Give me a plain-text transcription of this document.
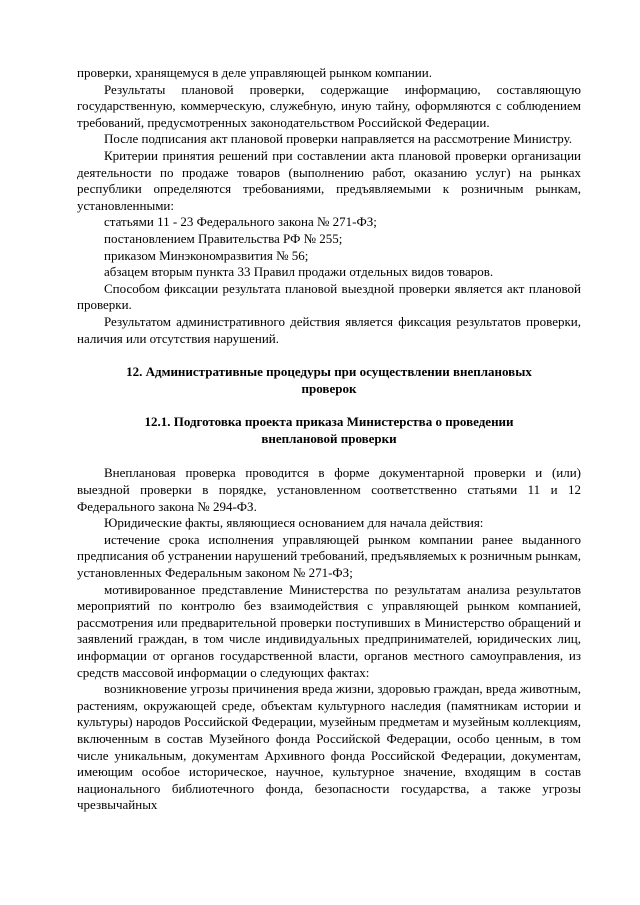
проверки, хранящемуся в деле управляющей рынком компании.

Результаты плановой проверки, содержащие информацию, составляющую государственную, коммерческую, служебную, иную тайну, оформляются с соблюдением требований, предусмотренных законодательством Российской Федерации.

После подписания акт плановой проверки направляется на рассмотрение Министру.

Критерии принятия решений при составлении акта плановой проверки организации деятельности по продаже товаров (выполнению работ, оказанию услуг) на рынках республики определяются требованиями, предъявляемыми к розничным рынкам, установленными:

статьями 11 - 23 Федерального закона № 271-ФЗ;

постановлением Правительства РФ № 255;

приказом Минэкономразвития № 56;

абзацем вторым пункта 33 Правил продажи отдельных видов товаров.

Способом фиксации результата плановой выездной проверки является акт плановой проверки.

Результатом административного действия является фиксация результатов проверки, наличия или отсутствия нарушений.

12. Административные процедуры при осуществлении внеплановых проверок

12.1. Подготовка проекта приказа Министерства о проведении внеплановой проверки

Внеплановая проверка проводится в форме документарной проверки и (или) выездной проверки в порядке, установленном соответственно статьями 11 и 12 Федерального закона № 294-ФЗ.

Юридические факты, являющиеся основанием для начала действия:

истечение срока исполнения управляющей рынком компании ранее выданного предписания об устранении нарушений требований, предъявляемых к розничным рынкам, установленных Федеральным законом № 271-ФЗ;

мотивированное представление Министерства по результатам анализа результатов мероприятий по контролю без взаимодействия с управляющей рынком компанией, рассмотрения или предварительной проверки поступивших в Министерство обращений и заявлений граждан, в том числе индивидуальных предпринимателей, юридических лиц, информации от органов государственной власти, органов местного самоуправления, из средств массовой информации о следующих фактах:

возникновение угрозы причинения вреда жизни, здоровью граждан, вреда животным, растениям, окружающей среде, объектам культурного наследия (памятникам истории и культуры) народов Российской Федерации, музейным предметам и музейным коллекциям, включенным в состав Музейного фонда Российской Федерации, особо ценным, в том числе уникальным, документам Архивного фонда Российской Федерации, документам, имеющим особое историческое, научное, культурное значение, входящим в состав национального библиотечного фонда, безопасности государства, а также угрозы чрезвычайных
